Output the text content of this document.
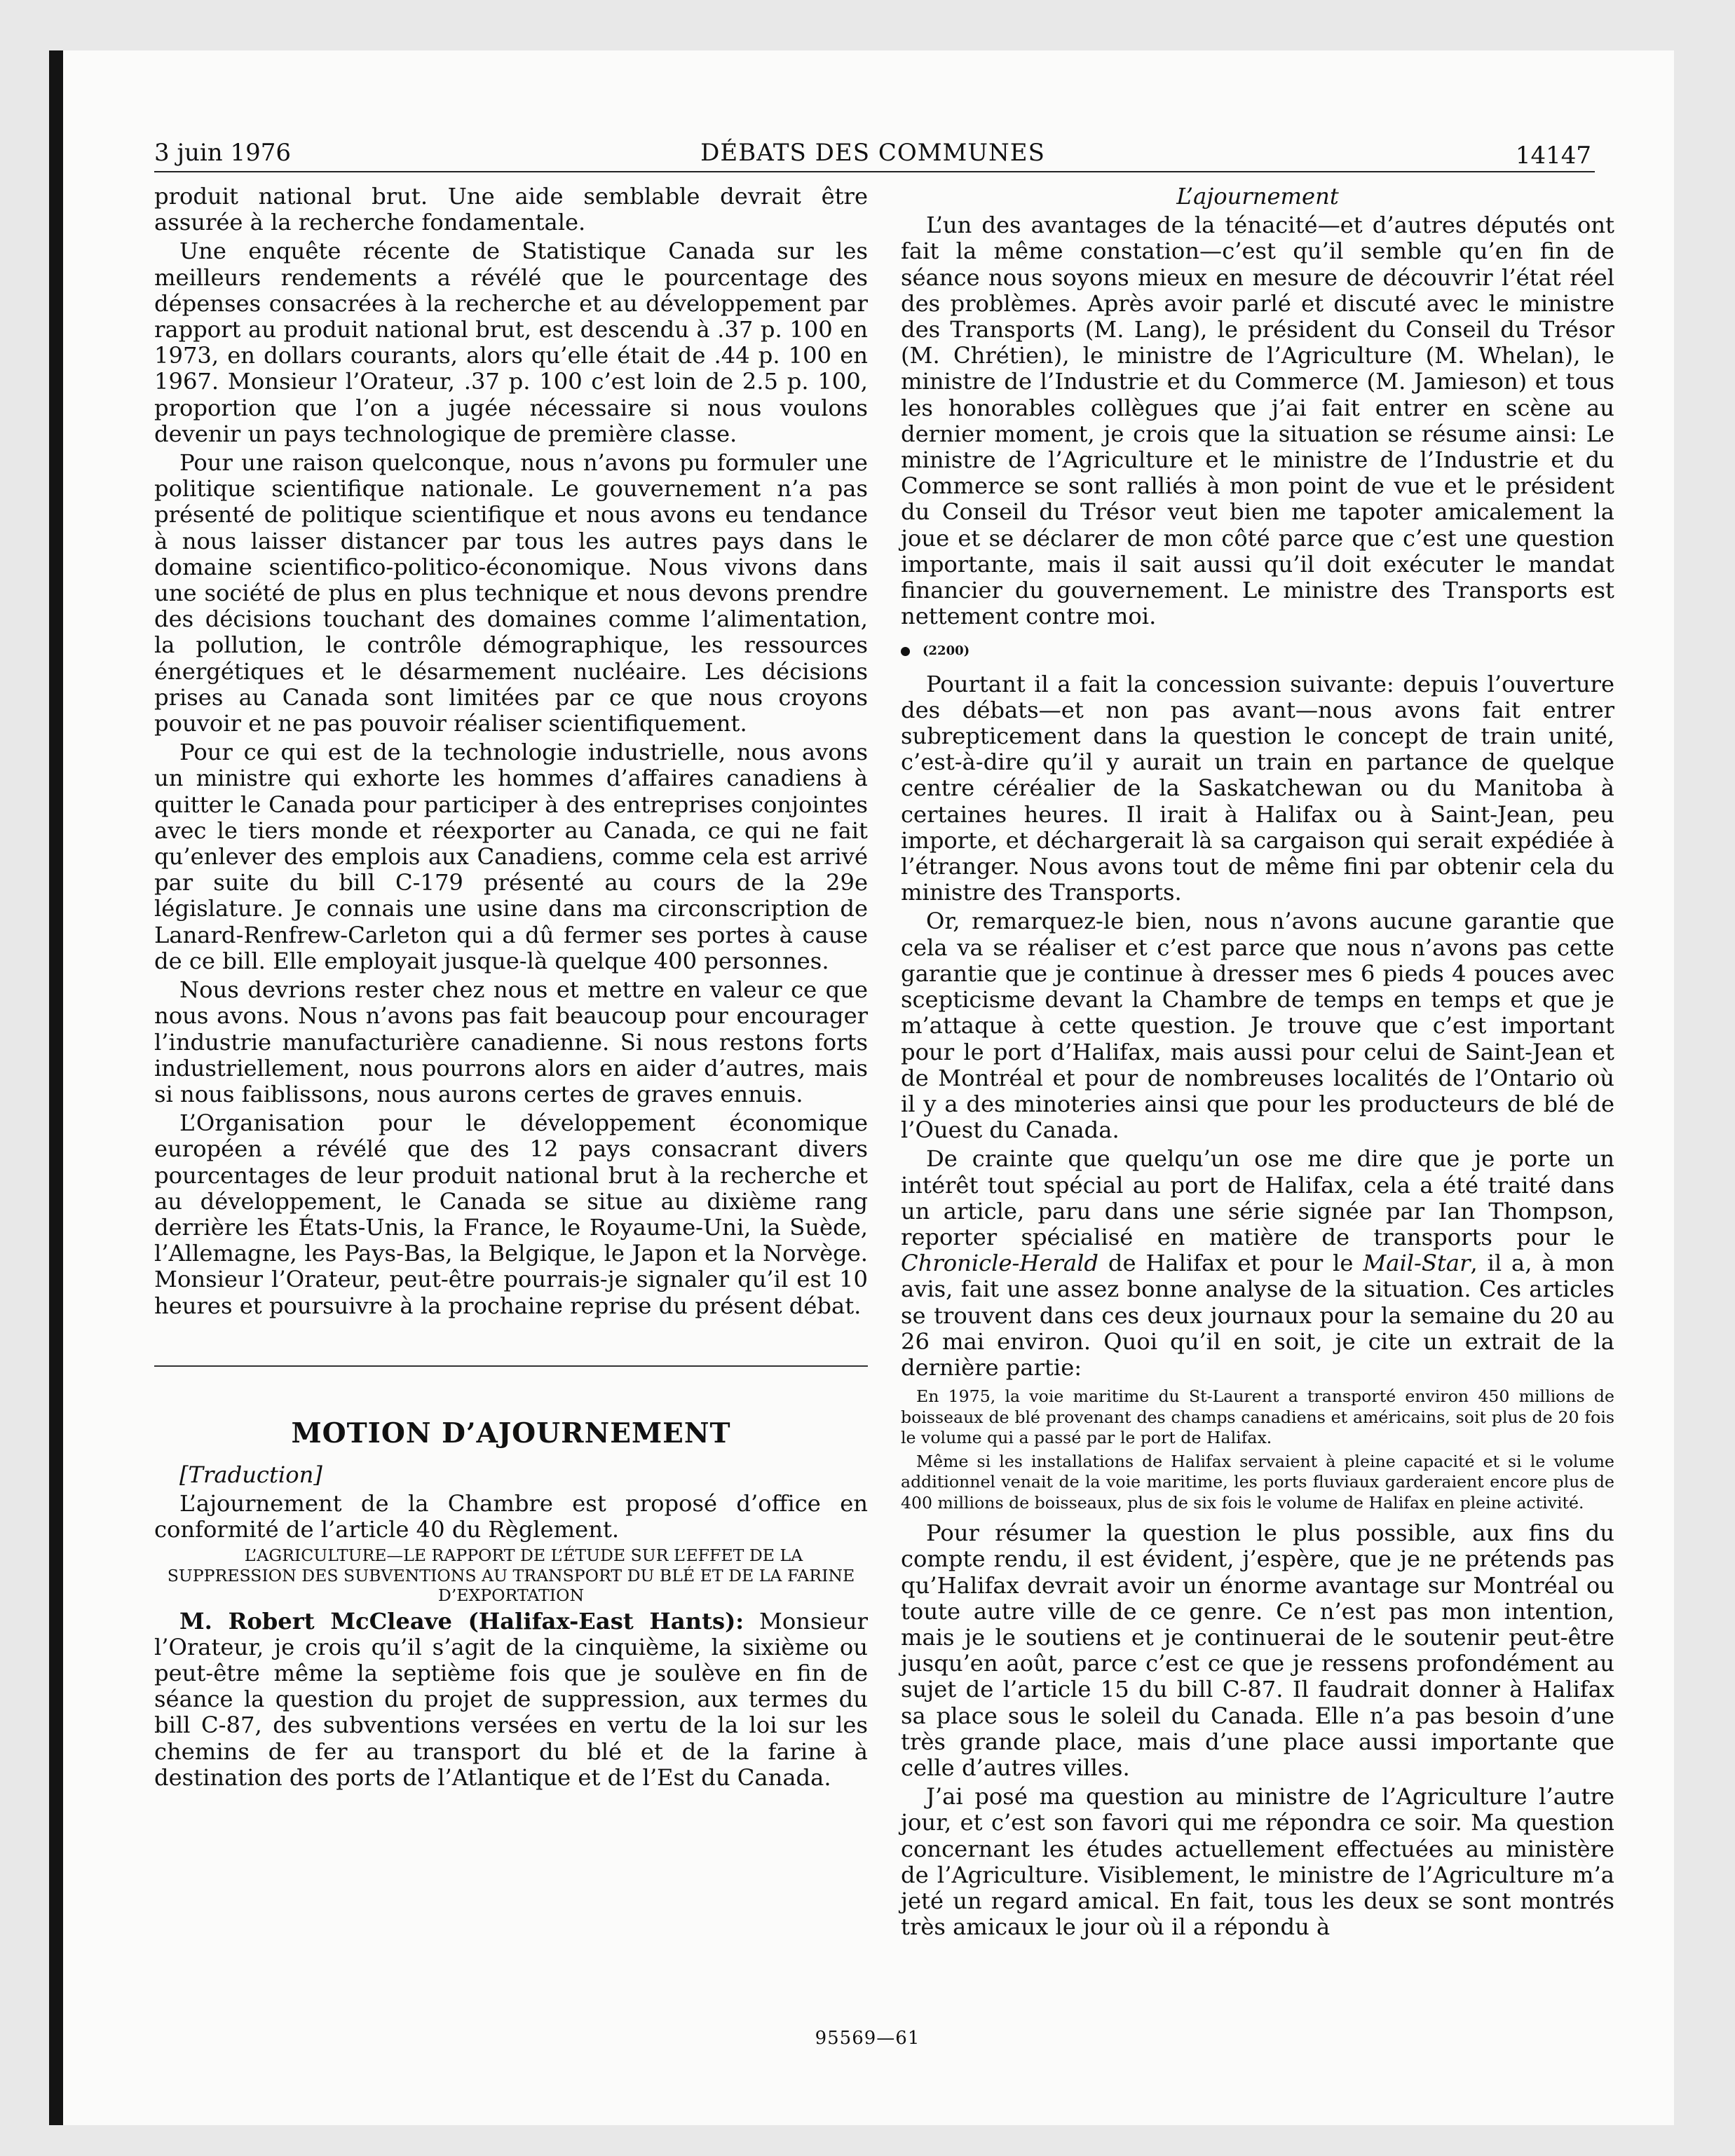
3 juin 1976	DÉBATS DES COMMUNES	14147

produit national brut. Une aide semblable devrait être assurée à la recherche fondamentale.

Une enquête récente de Statistique Canada sur les meilleurs rendements a révélé que le pourcentage des dépenses consacrées à la recherche et au développement par rapport au produit national brut, est descendu à .37 p. 100 en 1973, en dollars courants, alors qu’elle était de .44 p. 100 en 1967. Monsieur l’Orateur, .37 p. 100 c’est loin de 2.5 p. 100, proportion que l’on a jugée nécessaire si nous voulons devenir un pays technologique de première classe.

Pour une raison quelconque, nous n’avons pu formuler une politique scientifique nationale. Le gouvernement n’a pas présenté de politique scientifique et nous avons eu tendance à nous laisser distancer par tous les autres pays dans le domaine scientifico-politico-économique. Nous vivons dans une société de plus en plus technique et nous devons prendre des décisions touchant des domaines comme l’alimentation, la pollution, le contrôle démographique, les ressources énergétiques et le désarmement nucléaire. Les décisions prises au Canada sont limitées par ce que nous croyons pouvoir et ne pas pouvoir réaliser scientifiquement.

Pour ce qui est de la technologie industrielle, nous avons un ministre qui exhorte les hommes d’affaires canadiens à quitter le Canada pour participer à des entreprises conjointes avec le tiers monde et réexporter au Canada, ce qui ne fait qu’enlever des emplois aux Canadiens, comme cela est arrivé par suite du bill C-179 présenté au cours de la 29e législature. Je connais une usine dans ma circonscription de Lanard-Renfrew-Carleton qui a dû fermer ses portes à cause de ce bill. Elle employait jusque-là quelque 400 personnes.

Nous devrions rester chez nous et mettre en valeur ce que nous avons. Nous n’avons pas fait beaucoup pour encourager l’industrie manufacturière canadienne. Si nous restons forts industriellement, nous pourrons alors en aider d’autres, mais si nous faiblissons, nous aurons certes de graves ennuis.

L’Organisation pour le développement économique européen a révélé que des 12 pays consacrant divers pourcentages de leur produit national brut à la recherche et au développement, le Canada se situe au dixième rang derrière les États-Unis, la France, le Royaume-Uni, la Suède, l’Allemagne, les Pays-Bas, la Belgique, le Japon et la Norvège. Monsieur l’Orateur, peut-être pourrais-je signaler qu’il est 10 heures et poursuivre à la prochaine reprise du présent débat.

MOTION D’AJOURNEMENT

[Traduction]

L’ajournement de la Chambre est proposé d’office en conformité de l’article 40 du Règlement.

L’AGRICULTURE—LE RAPPORT DE L’ÉTUDE SUR L’EFFET DE LA SUPPRESSION DES SUBVENTIONS AU TRANSPORT DU BLÉ ET DE LA FARINE D’EXPORTATION

M. Robert McCleave (Halifax-East Hants): Monsieur l’Orateur, je crois qu’il s’agit de la cinquième, la sixième ou peut-être même la septième fois que je soulève en fin de séance la question du projet de suppression, aux termes du bill C-87, des subventions versées en vertu de la loi sur les chemins de fer au transport du blé et de la farine à destination des ports de l’Atlantique et de l’Est du Canada.

L’ajournement

L’un des avantages de la ténacité—et d’autres députés ont fait la même constation—c’est qu’il semble qu’en fin de séance nous soyons mieux en mesure de découvrir l’état réel des problèmes. Après avoir parlé et discuté avec le ministre des Transports (M. Lang), le président du Conseil du Trésor (M. Chrétien), le ministre de l’Agriculture (M. Whelan), le ministre de l’Industrie et du Commerce (M. Jamieson) et tous les honorables collègues que j’ai fait entrer en scène au dernier moment, je crois que la situation se résume ainsi: Le ministre de l’Agriculture et le ministre de l’Industrie et du Commerce se sont ralliés à mon point de vue et le président du Conseil du Trésor veut bien me tapoter amicalement la joue et se déclarer de mon côté parce que c’est une question importante, mais il sait aussi qu’il doit exécuter le mandat financier du gouvernement. Le ministre des Transports est nettement contre moi.

(2200)

Pourtant il a fait la concession suivante: depuis l’ouverture des débats—et non pas avant—nous avons fait entrer subrepticement dans la question le concept de train unité, c’est-à-dire qu’il y aurait un train en partance de quelque centre céréalier de la Saskatchewan ou du Manitoba à certaines heures. Il irait à Halifax ou à Saint-Jean, peu importe, et déchargerait là sa cargaison qui serait expédiée à l’étranger. Nous avons tout de même fini par obtenir cela du ministre des Transports.

Or, remarquez-le bien, nous n’avons aucune garantie que cela va se réaliser et c’est parce que nous n’avons pas cette garantie que je continue à dresser mes 6 pieds 4 pouces avec scepticisme devant la Chambre de temps en temps et que je m’attaque à cette question. Je trouve que c’est important pour le port d’Halifax, mais aussi pour celui de Saint-Jean et de Montréal et pour de nombreuses localités de l’Ontario où il y a des minoteries ainsi que pour les producteurs de blé de l’Ouest du Canada.

De crainte que quelqu’un ose me dire que je porte un intérêt tout spécial au port de Halifax, cela a été traité dans un article, paru dans une série signée par Ian Thompson, reporter spécialisé en matière de transports pour le Chronicle-Herald de Halifax et pour le Mail-Star, il a, à mon avis, fait une assez bonne analyse de la situation. Ces articles se trouvent dans ces deux journaux pour la semaine du 20 au 26 mai environ. Quoi qu’il en soit, je cite un extrait de la dernière partie:

En 1975, la voie maritime du St-Laurent a transporté environ 450 millions de boisseaux de blé provenant des champs canadiens et américains, soit plus de 20 fois le volume qui a passé par le port de Halifax.

Même si les installations de Halifax servaient à pleine capacité et si le volume additionnel venait de la voie maritime, les ports fluviaux garderaient encore plus de 400 millions de boisseaux, plus de six fois le volume de Halifax en pleine activité.

Pour résumer la question le plus possible, aux fins du compte rendu, il est évident, j’espère, que je ne prétends pas qu’Halifax devrait avoir un énorme avantage sur Montréal ou toute autre ville de ce genre. Ce n’est pas mon intention, mais je le soutiens et je continuerai de le soutenir peut-être jusqu’en août, parce c’est ce que je ressens profondément au sujet de l’article 15 du bill C-87. Il faudrait donner à Halifax sa place sous le soleil du Canada. Elle n’a pas besoin d’une très grande place, mais d’une place aussi importante que celle d’autres villes.

J’ai posé ma question au ministre de l’Agriculture l’autre jour, et c’est son favori qui me répondra ce soir. Ma question concernant les études actuellement effectuées au ministère de l’Agriculture. Visiblement, le ministre de l’Agriculture m’a jeté un regard amical. En fait, tous les deux se sont montrés très amicaux le jour où il a répondu à

95569—61
